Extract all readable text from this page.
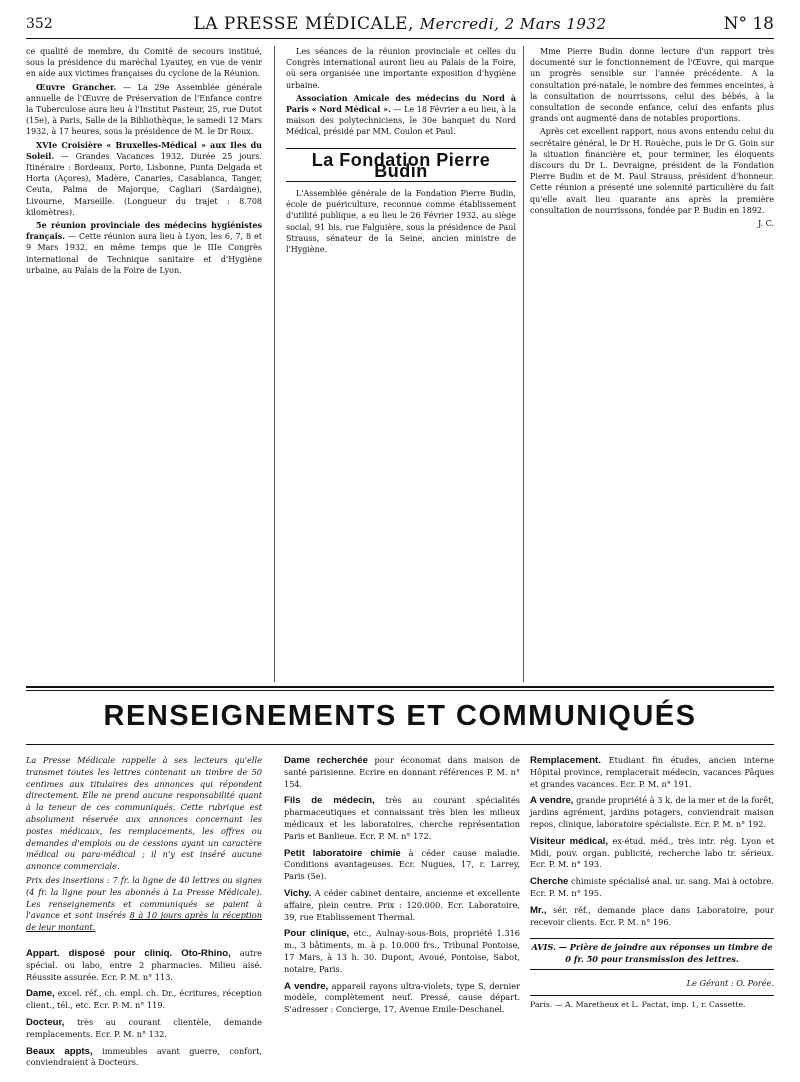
352	LA PRESSE MÉDICALE, Mercredi, 2 Mars 1932	N° 18

ce qualité de membre, du Comité de secours institué, sous la présidence du maréchal Lyautey, en vue de venir en aide aux victimes françaises du cyclone de la Réunion.

Œuvre Grancher. — La 29e Assemblée générale annuelle de l'Œuvre de Préservation de l'Enfance contre la Tuberculose aura lieu à l'Institut Pasteur, 25, rue Dutot (15e), à Paris, Salle de la Bibliothèque, le samedi 12 Mars 1932, à 17 heures, sous la présidence de M. le Dr Roux.

XVIe Croisière « Bruxelles-Médical » aux Iles du Soleil. — Grandes Vacances 1932. Durée 25 jours. Itinéraire : Bordeaux, Porto, Lisbonne, Punta Delgada et Horta (Açores), Madère, Canaries, Casablanca, Tanger, Ceuta, Palma de Majorque, Cagliari (Sardaigne), Livourne, Marseille. (Longueur du trajet : 8.708 kilomètres).

5e réunion provinciale des médecins hygiénistes français. — Cette réunion aura lieu à Lyon, les 6, 7, 8 et 9 Mars 1932, en même temps que le IIIe Congrès international de Technique sanitaire et d'Hygiène urbaine, au Palais de la Foire de Lyon.

Les séances de la réunion provinciale et celles du Congrès international auront lieu au Palais de la Foire, où sera organisée une importante exposition d'hygiène urbaine.

Association Amicale des médecins du Nord à Paris « Nord Médical ». — Le 18 Février a eu lieu, à la maison des polytechniciens, le 30e banquet du Nord Médical, présidé par MM. Coulon et Paul.

La Fondation Pierre Budin

L'Assemblée générale de la Fondation Pierre Budin, école de puériculture, reconnue comme établissement d'utilité publique, a eu lieu le 26 Février 1932, au siège social, 91 bis, rue Falguière, sous la présidence de Paul Strauss, sénateur de la Seine, ancien ministre de l'Hygiène.

Mme Pierre Budin donne lecture d'un rapport très documenté sur le fonctionnement de l'Œuvre, qui marque un progrès sensible sur l'année précédente. A la consultation pré-natale, le nombre des femmes enceintes, à la consultation de nourrissons, celui des bébés, à la consultation de seconde enfance, celui des enfants plus grands ont augmenté dans de notables proportions.

Après cet excellent rapport, nous avons entendu celui du secrétaire général, le Dr H. Rouèche, puis le Dr G. Goin sur la situation financière et, pour terminer, les éloquents discours du Dr L. Devraigne, président de la Fondation Pierre Budin et de M. Paul Strauss, président d'honneur. Cette réunion a présenté une solennité particulière du fait qu'elle avait lieu quarante ans après la première consultation de nourrissons, fondée par P. Budin en 1892.

J. C.

RENSEIGNEMENTS ET COMMUNIQUÉS

La Presse Médicale rappelle à ses lecteurs qu'elle transmet toutes les lettres contenant un timbre de 50 centimes aux titulaires des annonces qui répondent directement. Elle ne prend aucune responsabilité quant à la teneur de ces communiqués. Cette rubrique est absolument réservée aux annonces concernant les postes médicaux, les remplacements, les offres ou demandes d'emplois ou de cessions ayant un caractère médical ou para-médical ; il n'y est inséré aucune annonce commerciale.

Prix des insertions : 7 fr. la ligne de 40 lettres ou signes (4 fr. la ligne pour les abonnés à La Presse Médicale). Les renseignements et communiqués se paient à l'avance et sont insérés 8 à 10 jours après la réception de leur montant.

Appart. disposé pour cliniq. Oto-Rhino, autre spécial. ou labo, entre 2 pharmacies. Milieu aisé. Réussite assurée. Ecr. P. M. n° 113.

Dame, excel. réf., ch. empl. ch. Dr., écritures, réception client., tél., etc. Ecr. P. M. n° 119.

Docteur, très au courant clientèle, demande remplacements. Ecr. P. M. n° 132.

Beaux appts, immeubles avant guerre, confort, conviendraient à Docteurs.

Dame recherchée pour économat dans maison de santé parisienne. Ecrire en donnant références P. M. n° 154.

Fils de médecin, très au courant spécialités pharmaceutiques et connaissant très bien les milieux médicaux et les laboratoires, cherche représentation Paris et Banlieue. Ecr. P. M. n° 172.

Petit laboratoire chimie à céder cause maladie. Conditions avantageuses. Ecr. Nugues, 17, r. Larrey, Paris (5e).

Vichy. A céder cabinet dentaire, ancienne et excellente affaire, plein centre. Prix : 120.000. Ecr. Laboratoire, 39, rue Etablissement Thermal.

Pour clinique, etc., Aulnay-sous-Bois, propriété 1.316 m., 3 bâtiments, m. à p. 10.000 frs., Tribunal Pontoise, 17 Mars, à 13 h. 30. Dupont, Avoué, Pontoise, Sabot, notaire, Paris.

A vendre, appareil rayons ultra-violets, type S, dernier modèle, complètement neuf. Pressé, cause départ. S'adresser : Concierge, 17, Avenue Emile-Deschanel.

Remplacement. Etudiant fin études, ancien interne Hôpital province, remplacerait médecin, vacances Pâques et grandes vacances. Ecr. P. M. n° 191.

A vendre, grande propriété à 3 k. de la mer et de la forêt, jardins agrément, jardins potagers, conviendrait maison repos, clinique, laboratoire spécialiste. Ecr. P. M. n° 192.

Visiteur médical, ex-étud. méd., très intr. rég. Lyon et Midi, pouv. organ. publicité, recherche labo tr. sérieux. Ecr. P. M. n° 193.

Cherche chimiste spécialisé anal. ur. sang. Mai à octobre. Ecr. P. M. n° 195.

Mr., sér. réf., demande place dans Laboratoire, pour recevoir clients. Ecr. P. M. n° 196.

AVIS. — Prière de joindre aux réponses un timbre de 0 fr. 50 pour transmission des lettres.
Le Gérant : O. Porée.
Paris. — A. Maretheux et L. Pactat, imp. 1, r. Cassette.
